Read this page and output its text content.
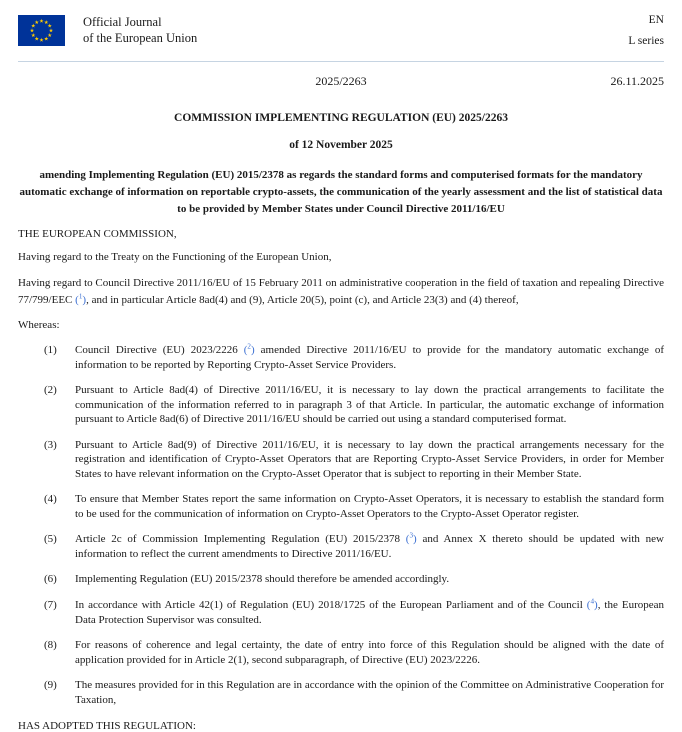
Official Journal
of the European Union
EN
L series
2025/2263	26.11.2025
COMMISSION IMPLEMENTING REGULATION (EU) 2025/2263
of 12 November 2025
amending Implementing Regulation (EU) 2015/2378 as regards the standard forms and computerised formats for the mandatory automatic exchange of information on reportable crypto-assets, the communication of the yearly assessment and the list of statistical data to be provided by Member States under Council Directive 2011/16/EU

THE EUROPEAN COMMISSION,

Having regard to the Treaty on the Functioning of the European Union,

Having regard to Council Directive 2011/16/EU of 15 February 2011 on administrative cooperation in the field of taxation and repealing Directive 77/799/EEC ($^1$), and in particular Article 8ad(4) and (9), Article 20(5), point (c), and Article 23(3) and (4) thereof,

Whereas:

(1)	Council Directive (EU) 2023/2226 ($^2$) amended Directive 2011/16/EU to provide for the mandatory automatic exchange of information to be reported by Reporting Crypto-Asset Service Providers.
(2)	Pursuant to Article 8ad(4) of Directive 2011/16/EU, it is necessary to lay down the practical arrangements to facilitate the communication of the information referred to in paragraph 3 of that Article. In particular, the automatic exchange of information pursuant to Article 8ad(6) of Directive 2011/16/EU should be carried out using a standard computerised format.
(3)	Pursuant to Article 8ad(9) of Directive 2011/16/EU, it is necessary to lay down the practical arrangements necessary for the registration and identification of Crypto-Asset Operators that are Reporting Crypto-Asset Service Providers, in order for Member States to have relevant information on the Crypto-Asset Operator that is subject to reporting in their Member State.
(4)	To ensure that Member States report the same information on Crypto-Asset Operators, it is necessary to establish the standard form to be used for the communication of information on Crypto-Asset Operators to the Crypto-Asset Operator register.
(5)	Article 2c of Commission Implementing Regulation (EU) 2015/2378 ($^3$) and Annex X thereto should be updated with new information to reflect the current amendments to Directive 2011/16/EU.
(6)	Implementing Regulation (EU) 2015/2378 should therefore be amended accordingly.
(7)	In accordance with Article 42(1) of Regulation (EU) 2018/1725 of the European Parliament and of the Council ($^4$), the European Data Protection Supervisor was consulted.
(8)	For reasons of coherence and legal certainty, the date of entry into force of this Regulation should be aligned with the date of application provided for in Article 2(1), second subparagraph, of Directive (EU) 2023/2226.
(9)	The measures provided for in this Regulation are in accordance with the opinion of the Committee on Administrative Cooperation for Taxation,

HAS ADOPTED THIS REGULATION:
